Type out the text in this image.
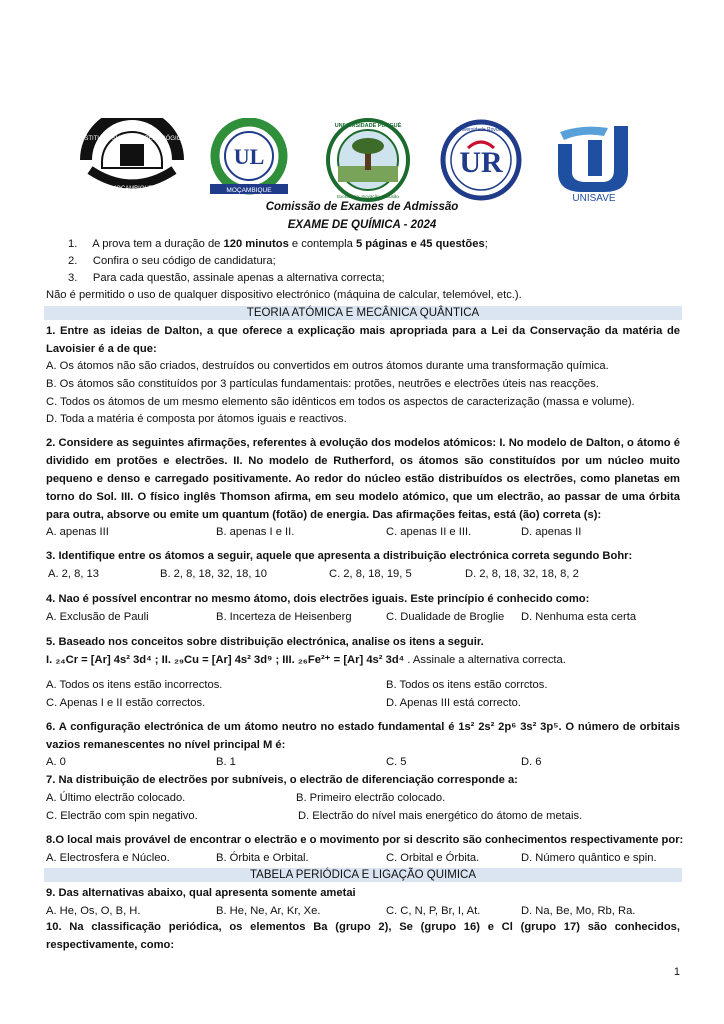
INSTITUTO SUPERIOR PEDAGÓGICO
MOÇAMBIQUE
UL
MOÇAMBIQUE
UNIVERSIDADE PÚNGUÈ
Excelência, Inovação, Inclusão
UR
Universidade Rovuma
UNISAVE
Comissão de Exames de Admissão
EXAME DE QUÍMICA - 2024
1. A prova tem a duração de 120 minutos e contempla 5 páginas e 45 questões;
2. Confira o seu código de candidatura;
3. Para cada questão, assinale apenas a alternativa correcta;
Não é permitido o uso de qualquer dispositivo electrónico (máquina de calcular, telemóvel, etc.).
TEORIA ATÓMICA E MECÂNICA QUÂNTICA
1. Entre as ideias de Dalton, a que oferece a explicação mais apropriada para a Lei da Conservação da matéria de Lavoisier é a de que:
A. Os átomos não são criados, destruídos ou convertidos em outros átomos durante uma transformação química.
B. Os átomos são constituídos por 3 partículas fundamentais: protões, neutrões e electrões úteis nas reacções.
C. Todos os átomos de um mesmo elemento são idênticos em todos os aspectos de caracterização (massa e volume).
D. Toda a matéria é composta por átomos iguais e reactivos.
2. Considere as seguintes afirmações, referentes à evolução dos modelos atómicos: I. No modelo de Dalton, o átomo é dividido em protões e electrões. II. No modelo de Rutherford, os átomos são constituídos por um núcleo muito pequeno e denso e carregado positivamente. Ao redor do núcleo estão distribuídos os electrões, como planetas em torno do Sol. III. O físico inglês Thomson afirma, em seu modelo atómico, que um electrão, ao passar de uma órbita para outra, absorve ou emite um quantum (fotão) de energia. Das afirmações feitas, está (ão) correta (s):
A. apenas III	B. apenas I e II.	C. apenas II e III.	D. apenas II
3. Identifique entre os átomos a seguir, aquele que apresenta a distribuição electrónica correta segundo Bohr:
A. 2, 8, 13	B. 2, 8, 18, 32, 18, 10	C. 2, 8, 18, 19, 5	D. 2, 8, 18, 32, 18, 8, 2
4. Nao é possível encontrar no mesmo átomo, dois electrões iguais. Este princípio é conhecido como:
A. Exclusão de Pauli	B. Incerteza de Heisenberg	C. Dualidade de Broglie D. Nenhuma esta certa
5. Baseado nos conceitos sobre distribuição electrónica, analise os itens a seguir.
I. ₂₄Cr = [Ar] 4s² 3d⁴ ; II. ₂₉Cu = [Ar] 4s² 3d⁹ ; III. ₂₆Fe²⁺ = [Ar] 4s² 3d⁴ . Assinale a alternativa correcta.
A. Todos os itens estão incorrectos.	B. Todos os itens estão corrctos.
C. Apenas I e II estão correctos.	D. Apenas III está correcto.
6. A configuração electrónica de um átomo neutro no estado fundamental é 1s² 2s² 2p⁶ 3s² 3p⁵. O número de orbitais vazios remanescentes no nível principal M é:
A. 0	B. 1	C. 5	D. 6
7. Na distribuição de electrões por subníveis, o electrão de diferenciação corresponde a:
A. Último electrão colocado.	B. Primeiro electrão colocado.
C. Electrão com spin negativo.	D. Electrão do nível mais energético do átomo de metais.
8.O local mais provável de encontrar o electrão e o movimento por si descrito são conhecimentos respectivamente por:
A. Electrosfera e Núcleo.	B. Órbita e Orbital.	C. Orbital e Órbita.	D. Número quântico e spin.
TABELA PERIÓDICA E LIGAÇÃO QUIMICA
9. Das alternativas abaixo, qual apresenta somente ametai
A. He, Os, O, B, H.	B. He, Ne, Ar, Kr, Xe.	C. C, N, P, Br, I, At.	D. Na, Be, Mo, Rb, Ra.
10. Na classificação periódica, os elementos Ba (grupo 2), Se (grupo 16) e Cl (grupo 17) são conhecidos, respectivamente, como:
1
